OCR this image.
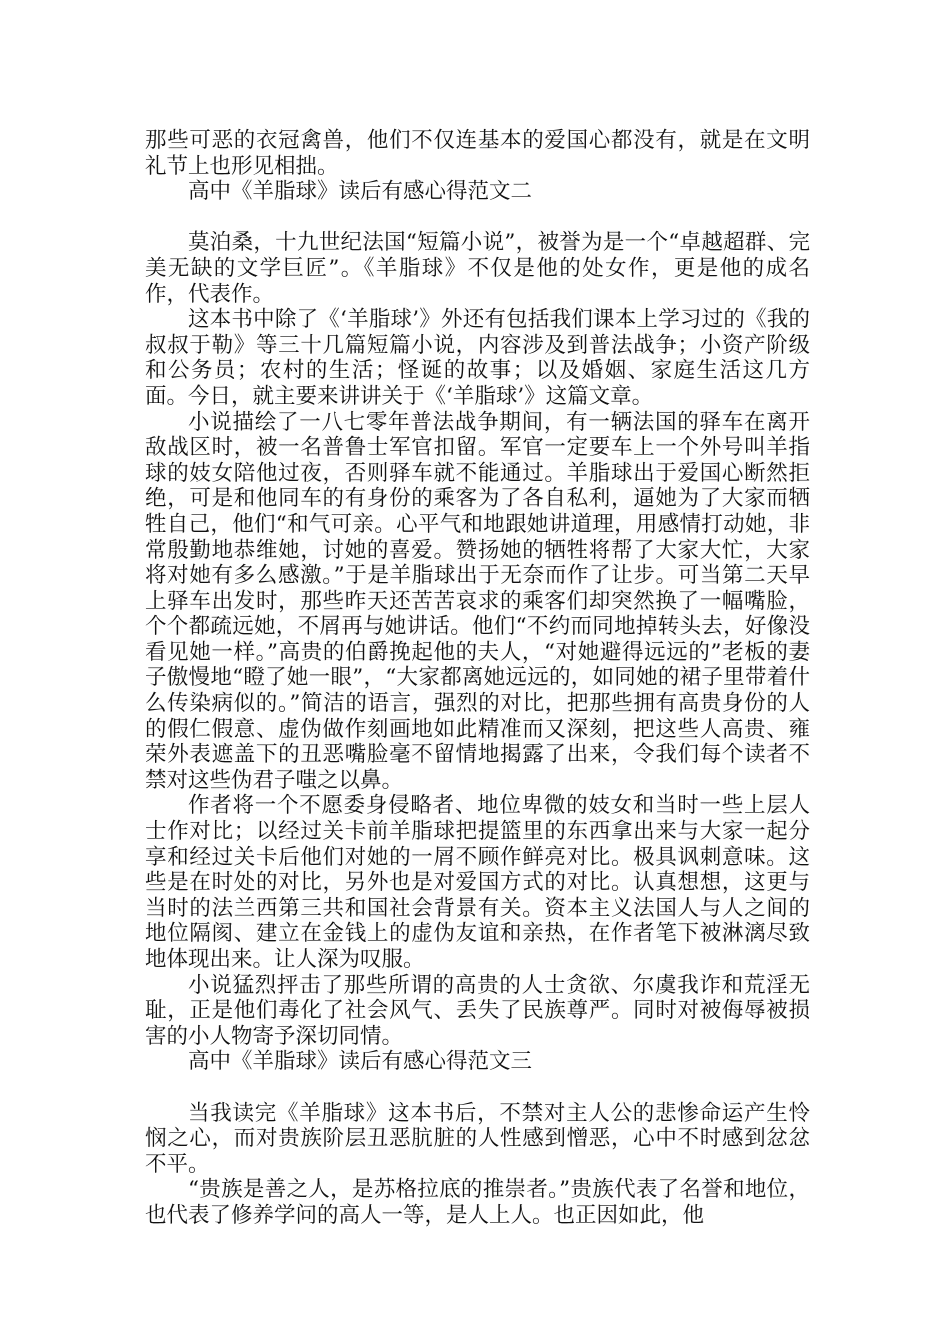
那些可恶的衣冠禽兽，他们不仅连基本的爱国心都没有，就是在文明礼节上也形见相拙。

高中《羊脂球》读后有感心得范文二

莫泊桑，十九世纪法国“短篇小说”，被誉为是一个“卓越超群、完美无缺的文学巨匠”。《羊脂球》不仅是他的处女作，更是他的成名作，代表作。

这本书中除了《‘羊脂球’》外还有包括我们课本上学习过的《我的叔叔于勒》等三十几篇短篇小说，内容涉及到普法战争；小资产阶级和公务员；农村的生活；怪诞的故事；以及婚姻、家庭生活这几方面。今日，就主要来讲讲关于《‘羊脂球’》这篇文章。

小说描绘了一八七零年普法战争期间，有一辆法国的驿车在离开敌战区时，被一名普鲁士军官扣留。军官一定要车上一个外号叫羊指球的妓女陪他过夜，否则驿车就不能通过。羊脂球出于爱国心断然拒绝，可是和他同车的有身份的乘客为了各自私利，逼她为了大家而牺牲自己，他们“和气可亲。心平气和地跟她讲道理，用感情打动她，非常殷勤地恭维她，讨她的喜爱。赞扬她的牺牲将帮了大家大忙，大家将对她有多么感激。”于是羊脂球出于无奈而作了让步。可当第二天早上驿车出发时，那些昨天还苦苦哀求的乘客们却突然换了一幅嘴脸，个个都疏远她，不屑再与她讲话。他们“不约而同地掉转头去，好像没看见她一样。”高贵的伯爵挽起他的夫人，“对她避得远远的”老板的妻子傲慢地“瞪了她一眼”，“大家都离她远远的，如同她的裙子里带着什么传染病似的。”简洁的语言，强烈的对比，把那些拥有高贵身份的人的假仁假意、虚伪做作刻画地如此精准而又深刻，把这些人高贵、雍荣外表遮盖下的丑恶嘴脸毫不留情地揭露了出来，令我们每个读者不禁对这些伪君子嗤之以鼻。

作者将一个不愿委身侵略者、地位卑微的妓女和当时一些上层人士作对比；以经过关卡前羊脂球把提篮里的东西拿出来与大家一起分享和经过关卡后他们对她的一屑不顾作鲜亮对比。极具讽刺意味。这些是在时处的对比，另外也是对爱国方式的对比。认真想想，这更与当时的法兰西第三共和国社会背景有关。资本主义法国人与人之间的地位隔阂、建立在金钱上的虚伪友谊和亲热，在作者笔下被淋漓尽致地体现出来。让人深为叹服。

小说猛烈抨击了那些所谓的高贵的人士贪欲、尔虞我诈和荒淫无耻，正是他们毒化了社会风气、丢失了民族尊严。同时对被侮辱被损害的小人物寄予深切同情。

高中《羊脂球》读后有感心得范文三

当我读完《羊脂球》这本书后，不禁对主人公的悲惨命运产生怜悯之心，而对贵族阶层丑恶肮脏的人性感到憎恶，心中不时感到忿忿不平。

“贵族是善之人，是苏格拉底的推崇者。”贵族代表了名誉和地位，也代表了修养学问的高人一等，是人上人。也正因如此，他
